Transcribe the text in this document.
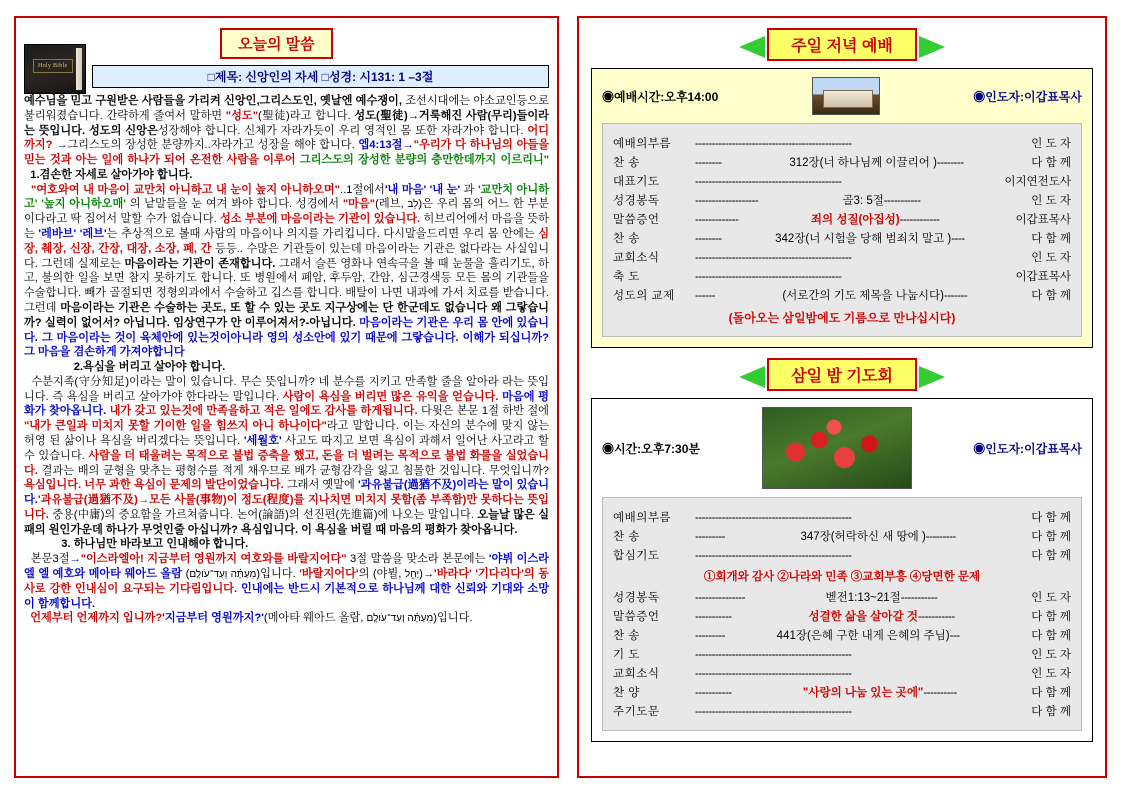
Holy Bible
오늘의 말씀
□제목: 신앙인의 자세 □성경: 시131: 1 –3절

예수님을 믿고 구원받은 사람들을 가리켜 신앙인,그리스도인, 옛날엔 예수쟁이, 조선시대에는 야소교인등으로 불리워졌습니다. 간략하게 줄여서 말하면 "성도"(聖徒)라고 합니다. 성도(聖徒)→거룩해진 사람(무리)들이라는 뜻입니다. 성도의 신앙은성장해야 합니다. 신체가 자라가듯이 우리 영적인 몸 또한 자라가야 합니다. 어디까지? →그리스도의 장성한 분량까지..자라가고 성장을 해야 합니다. 엡4:13절→"우리가 다 하나님의 아들을 믿는 것과 아는 일에 하나가 되어 온전한 사람을 이루어 그리스도의 장성한 분량의 충만한데까지 이르리니"   1.겸손한 자세로 살아가야 합니다.

"여호와여 내 마음이 교만치 아니하고 내 눈이 높지 아니하오며"..1절에서'내 마음' '내 눈' 과 '교만치 아니하고' '높지 아니하오매' 의 낱말들을 눈 여겨 봐야 합니다. 성경에서 "마음"(레브, לֵב)은 우리 몸의 어느 한 부분이다라고 딱 집어서 말할 수가 없습니다. 성소 부분에 마음이라는 기관이 있습니다. 히브리어에서 마음을 뜻하는 '레바브' '레브'는 추상적으로 볼때 사람의 마음이나 의지를 가리킵니다. 다시말을드리면 우리 몸 안에는 심장, 췌장, 신장, 간장, 대장, 소장, 폐, 간 등등.. 수많은 기관들이 있는데 마음이라는 기관은 없다라는 사실입니다. 그런데 실제로는 마음이라는 기관이 존재합니다. 그래서 슬픈 영화나 연속극을 볼 때 눈물을 흘리기도, 하고, 불의한 일을 보면 참지 못하기도 합니다. 또 병원에서 폐암, 후두암, 간암, 심근경색등 모든 몸의 기관들을 수술합니다. 빼가 골절되면 정형외과에서 수술하고 깁스를 합니다. 배탈이 나면 내과에 가서 치료를 받습니다. 그런데 마음이라는 기관은 수술하는 곳도, 또 할 수 있는 곳도 지구상에는 단 한군데도 없습니다 왜 그랗습니까? 실력이 없어서? 아닙니다. 임상연구가 안 이루어져서?-아닙니다. 마음이라는 기관은 우리 몸 안에 있습니다. 그 마음이라는 것이 육체안에 있는것이아니라 영의 성소안에 있기 때문에 그랗습니다. 이해가 되십니까? 그 마음을 겸손하게 가져야합니다

2.욕심을 버리고 살아야 합니다.

수분지족(守分知足)이라는 말이 있습니다. 무슨 뜻입니까? 네 분수를 지키고 만족할 줄을 알아라 라는 뜻입니다. 즉 욕심을 버리고 살아가야 한다라는 말입니다. 사람이 욕심을 버리면 많은 유익을 얻습니다. 마음에 평화가 찾아옵니다. 내가 갖고 있는것에 만족을하고 적은 일에도 감사를 하게됩니다. 다윗은 본문 1절 하반 절에 "내가 큰일과 미치지 못할 기이한 일을 힘쓰지 아니 하나이다"라고 말합니다. 이는 자신의 분수에 맞지 않는 허영 된 삶이나 욕심을 버리겠다는 뜻입니다. '세월호' 사고도 따지고 보면 욕심이 과해서 일어난 사고라고 할 수 있습니다. 사람을 더 태울려는 목적으로 불법 증축을 했고, 돈을 더 벌려는 목적으로 불법 화물을 실었습니다. 결과는 배의 균형을 맞추는 평형수를 적게 채우므로 배가 균형감각을 잃고 침몰한 것입니다. 무엇입니까? 욕심입니다. 너무 과한 욕심이 문제의 발단이었습니다. 그래서 옛말에 '과유불급(過猶不及)이라는 말이 있습니다.'과유불급(過猶不及)→모든 사물(事物)이 정도(程度)를 지나치면 미치지 못함(좀 부족함)만 못하다는 뜻입니다. 중용(中庸)의 중요함을 가르쳐줍니다. 논어(論語)의 선진편(先進篇)에 나오는 말입니다. 오늘날 많은 실패의 원인가운데 하나가 무엇인줄 아십니까? 욕심입니다. 이 욕심을 버릴 때 마음의 평화가 찾아옵니다.

3. 하나님만 바라보고 인내해야 합니다.

본문3절→"이스라엘아! 지금부터 영원까지 여호와를 바랄지어다" 3절 말씀을 맞소라 본문에는 '야뷔 이스라엘 엘 예호와 메아타 웨아드 올람 (מֵעַתָּ֗ה וְעַד־עֹולָֽם)입니다. '바랄지어다'의 (야뷜, יַחֵ֣ל)→'바라다' '기다리다'의 동사로 강한 인내심이 요구되는 기다림입니다. 인내에는 반드시 기본적으로 하나님께 대한 신뢰와 기대와 소망이 함께합니다.

언제부터 언제까지 입니까?'지금부터 영원까지?'(메아타 웨아드 올람, מֵעַתָּ֗ה וְעַד־עֹולָֽם)입니다.

주일 저녁 예배
◉예배시간:오후14:00	◉인도자:이갑표목사
예배의부름	-----------------------------------------------	인 도 자
찬 송	--------	312장(너 하나님께 이끌리어 ) --------	다 함 께
대표기도	--------------------------------------------	이지연전도사
성경봉독	-------------------	골3: 5절 -----------	인 도 자
말씀증언	-------------	죄의 성질(아집성) ------------	이갑표목사
찬 송	--------	342장(너 시험을 당해 범죄치 말고 ) ----	다 함 께
교회소식	-----------------------------------------------	인 도 자
축 도	--------------------------------------------	이갑표목사
성도의 교제	------	(서로간의 기도 제목을 나눕시다) -------	다 함 께
(돌아오는 삼일밤에도 기름으로 만나십시다)
삼일 밤 기도회
◉시간:오후7:30분	◉인도자:이갑표목사
예배의부름	-----------------------------------------------	다 함 께
찬 송	---------	347장(허락하신 새 땅에 ) ---------	다 함 께
합심기도	-----------------------------------------------	다 함 께
①회개와 감사 ②나라와 민족 ③교회부흥 ④당면한 문제
성경봉독	---------------	벧전1:13~21절 -----------	인 도 자
말씀증언	-----------	성결한 삶을 살아갈 것 -----------	다 함 께
찬 송	---------	441장(은혜 구한 내게 은혜의 주님) ---	다 함 께
기 도	-----------------------------------------------	인 도 자
교회소식	-----------------------------------------------	인 도 자
찬 양	-----------	"사랑의 나눔 있는 곳에" ----------	다 함 께
주기도문	-----------------------------------------------	다 함 께
